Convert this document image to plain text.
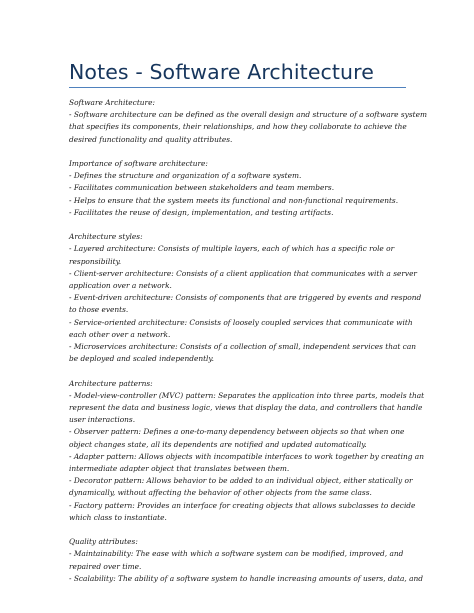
Notes - Software Architecture
Software Architecture:
- Software architecture can be defined as the overall design and structure of a software system
that specifies its components, their relationships, and how they collaborate to achieve the
desired functionality and quality attributes.
Importance of software architecture:
- Defines the structure and organization of a software system.
- Facilitates communication between stakeholders and team members.
- Helps to ensure that the system meets its functional and non-functional requirements.
- Facilitates the reuse of design, implementation, and testing artifacts.
Architecture styles:
- Layered architecture: Consists of multiple layers, each of which has a specific role or
responsibility.
- Client-server architecture: Consists of a client application that communicates with a server
application over a network.
- Event-driven architecture: Consists of components that are triggered by events and respond
to those events.
- Service-oriented architecture: Consists of loosely coupled services that communicate with
each other over a network.
- Microservices architecture: Consists of a collection of small, independent services that can
be deployed and scaled independently.
Architecture patterns:
- Model-view-controller (MVC) pattern: Separates the application into three parts, models that
represent the data and business logic, views that display the data, and controllers that handle
user interactions.
- Observer pattern: Defines a one-to-many dependency between objects so that when one
object changes state, all its dependents are notified and updated automatically.
- Adapter pattern: Allows objects with incompatible interfaces to work together by creating an
intermediate adapter object that translates between them.
- Decorator pattern: Allows behavior to be added to an individual object, either statically or
dynamically, without affecting the behavior of other objects from the same class.
- Factory pattern: Provides an interface for creating objects that allows subclasses to decide
which class to instantiate.
Quality attributes:
- Maintainability: The ease with which a software system can be modified, improved, and
repaired over time.
- Scalability: The ability of a software system to handle increasing amounts of users, data, and
